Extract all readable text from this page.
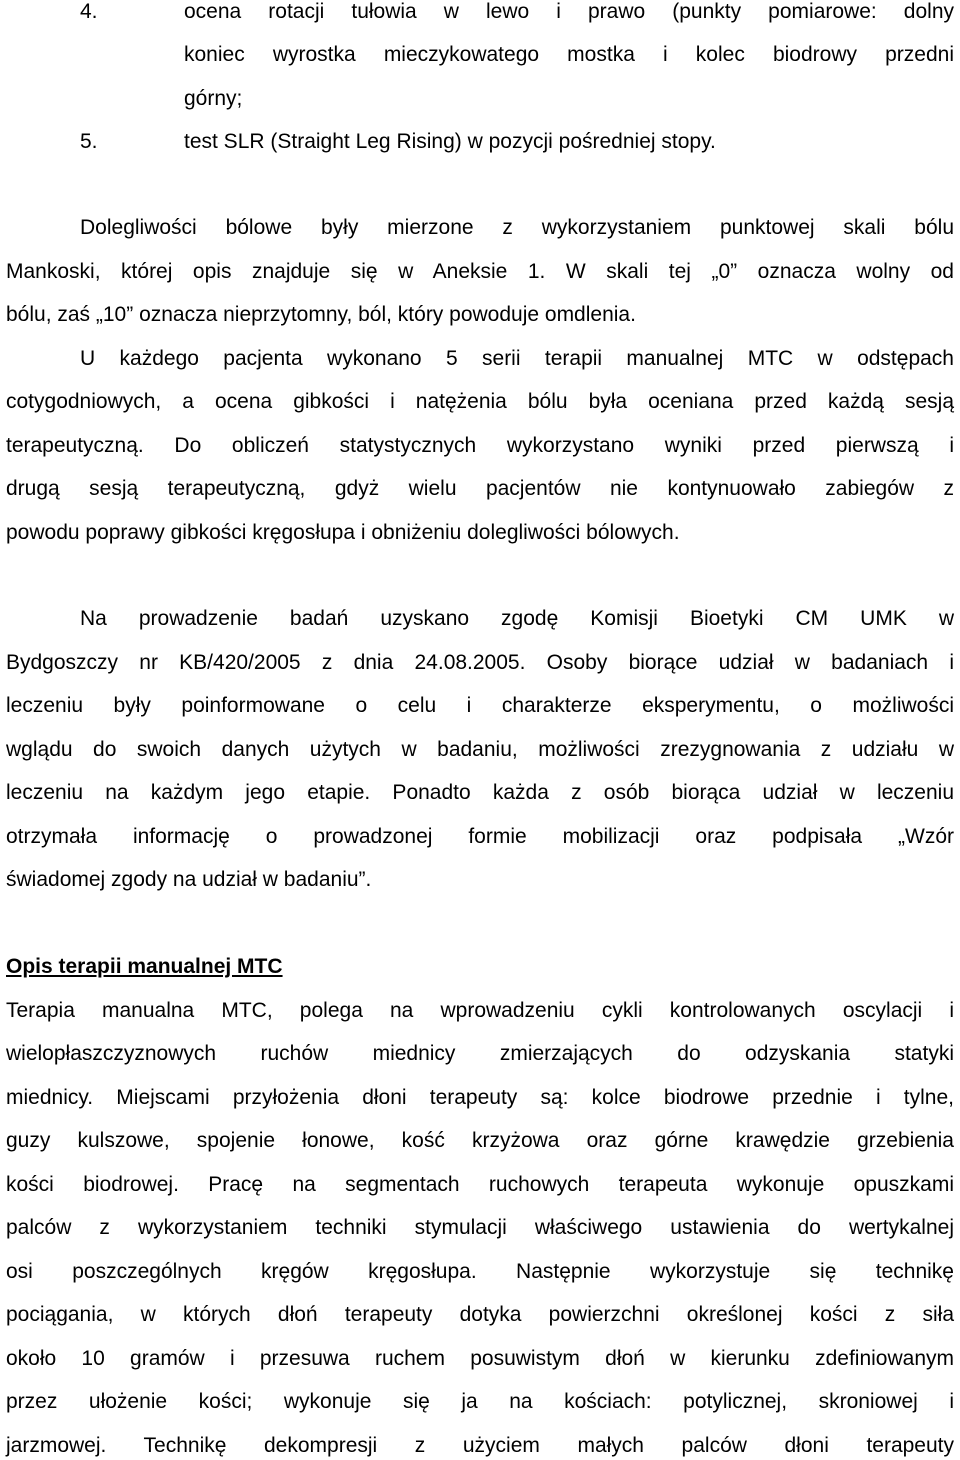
4.	ocena rotacji tułowia w lewo i prawo (punkty pomiarowe: dolny
koniec wyrostka mieczykowatego mostka i kolec biodrowy przedni
górny;
5.	test SLR (Straight Leg Rising) w pozycji pośredniej stopy.
Dolegliwości bólowe były mierzone z wykorzystaniem punktowej skali bólu
Mankoski, której opis znajduje się w Aneksie 1. W skali tej „0” oznacza wolny od
bólu, zaś „10” oznacza nieprzytomny, ból, który powoduje omdlenia.
U każdego pacjenta wykonano 5 serii terapii manualnej MTC w odstępach
cotygodniowych, a ocena gibkości i natężenia bólu była oceniana przed każdą sesją
terapeutyczną. Do obliczeń statystycznych wykorzystano wyniki przed pierwszą i
drugą sesją terapeutyczną, gdyż wielu pacjentów nie kontynuowało zabiegów z
powodu poprawy gibkości kręgosłupa i obniżeniu dolegliwości bólowych.
Na prowadzenie badań uzyskano zgodę Komisji Bioetyki CM UMK w
Bydgoszczy nr KB/420/2005 z dnia 24.08.2005. Osoby biorące udział w badaniach i
leczeniu były poinformowane o celu i charakterze eksperymentu, o możliwości
wglądu do swoich danych użytych w badaniu, możliwości zrezygnowania z udziału w
leczeniu na każdym jego etapie. Ponadto każda z osób biorąca udział w leczeniu
otrzymała informację o prowadzonej formie mobilizacji oraz podpisała „Wzór
świadomej zgody na udział w badaniu”.
Opis terapii manualnej MTC
Terapia manualna MTC, polega na wprowadzeniu cykli kontrolowanych oscylacji i
wielopłaszczyznowych ruchów miednicy zmierzających do odzyskania statyki
miednicy. Miejscami przyłożenia dłoni terapeuty są: kolce biodrowe przednie i tylne,
guzy kulszowe, spojenie łonowe, kość krzyżowa oraz górne krawędzie grzebienia
kości biodrowej. Pracę na segmentach ruchowych terapeuta wykonuje opuszkami
palców z wykorzystaniem techniki stymulacji właściwego ustawienia do wertykalnej
osi poszczególnych kręgów kręgosłupa. Następnie wykorzystuje się technikę
pociągania, w których dłoń terapeuty dotyka powierzchni określonej kości z siła
około 10 gramów i przesuwa ruchem posuwistym dłoń w kierunku zdefiniowanym
przez ułożenie kości; wykonuje się ja na kościach: potylicznej, skroniowej i
jarzmowej. Technikę dekompresji z użyciem małych palców dłoni terapeuty
